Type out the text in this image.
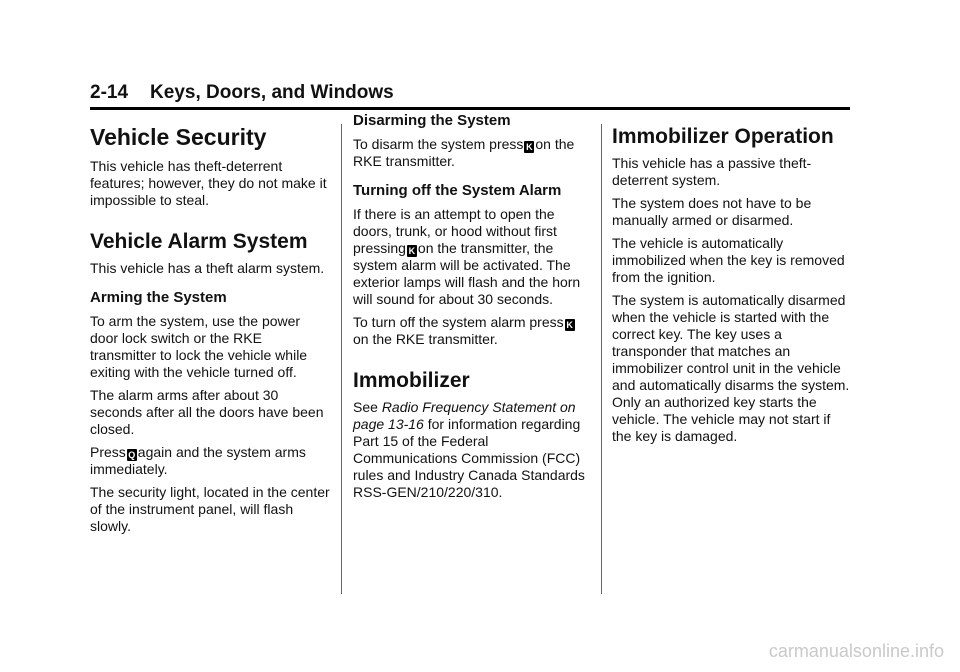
2-14 Keys, Doors, and Windows
Vehicle Security

This vehicle has theft-deterrent features; however, they do not make it impossible to steal.

Vehicle Alarm System

This vehicle has a theft alarm system.

Arming the System

To arm the system, use the power door lock switch or the RKE transmitter to lock the vehicle while exiting with the vehicle turned off.

The alarm arms after about 30 seconds after all the doors have been closed.

Press Q again and the system arms immediately.

The security light, located in the center of the instrument panel, will flash slowly.

Disarming the System

To disarm the system press K on the RKE transmitter.

Turning off the System Alarm

If there is an attempt to open the doors, trunk, or hood without first pressing K on the transmitter, the system alarm will be activated. The exterior lamps will flash and the horn will sound for about 30 seconds.

To turn off the system alarm press Kon the RKE transmitter.

Immobilizer

See Radio Frequency Statement on page 13-16 for information regarding Part 15 of the Federal Communications Commission (FCC) rules and Industry Canada Standards RSS-GEN/210/220/310.

Immobilizer Operation

This vehicle has a passive theft-deterrent system.

The system does not have to be manually armed or disarmed.

The vehicle is automatically immobilized when the key is removed from the ignition.

The system is automatically disarmed when the vehicle is started with the correct key. The key uses a transponder that matches an immobilizer control unit in the vehicle and automatically disarms the system. Only an authorized key starts the vehicle. The vehicle may not start if the key is damaged.

carmanualsonline.info
